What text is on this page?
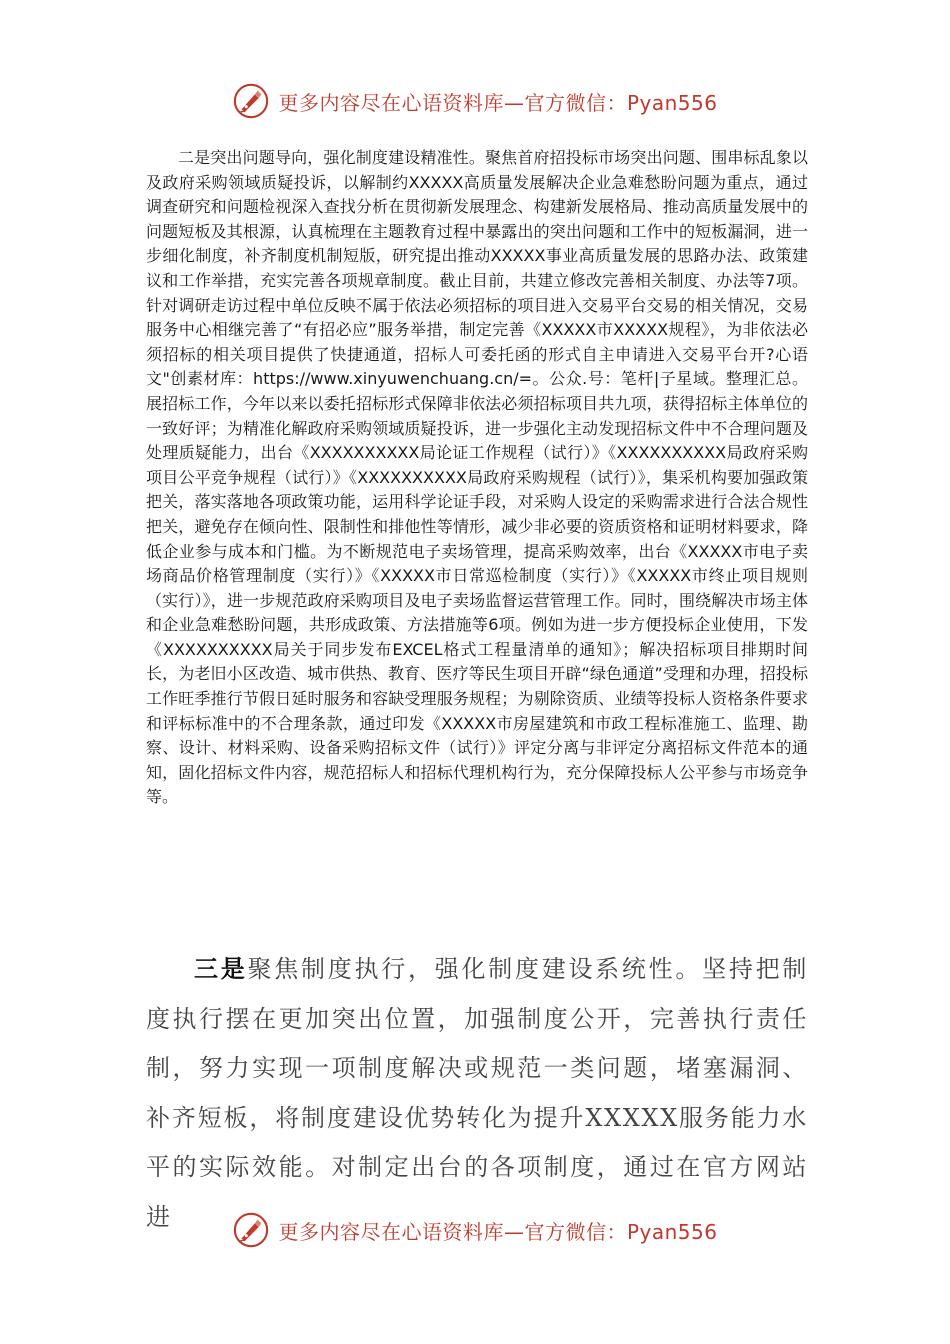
更多内容尽在心语资料库—官方微信：Pyan556

二是突出问题导向，强化制度建设精准性。聚焦首府招投标市场突出问题、围串标乱象以及政府采购领域质疑投诉，以解制约XXXXX高质量发展解决企业急难愁盼问题为重点，通过调查研究和问题检视深入查找分析在贯彻新发展理念、构建新发展格局、推动高质量发展中的问题短板及其根源，认真梳理在主题教育过程中暴露出的突出问题和工作中的短板漏洞，进一步细化制度，补齐制度机制短版，研究提出推动XXXXX事业高质量发展的思路办法、政策建议和工作举措，充实完善各项规章制度。截止目前，共建立修改完善相关制度、办法等7项。针对调研走访过程中单位反映不属于依法必须招标的项目进入交易平台交易的相关情况，交易服务中心相继完善了“有招必应”服务举措，制定完善《XXXXX市XXXXX规程》，为非依法必须招标的相关项目提供了快捷通道，招标人可委托函的形式自主申请进入交易平台开?心语文"创素材库：https://www.xinyuwenchuang.cn/=。公众.号：笔杆|子星域。整理汇总。展招标工作，今年以来以委托招标形式保障非依法必须招标项目共九项，获得招标主体单位的一致好评；为精准化解政府采购领域质疑投诉，进一步强化主动发现招标文件中不合理问题及处理质疑能力，出台《XXXXXXXXXX局论证工作规程（试行）》《XXXXXXXXXX局政府采购项目公平竞争规程（试行）》《XXXXXXXXXX局政府采购规程（试行）》，集采机构要加强政策把关，落实落地各项政策功能，运用科学论证手段，对采购人设定的采购需求进行合法合规性把关，避免存在倾向性、限制性和排他性等情形，减少非必要的资质资格和证明材料要求，降低企业参与成本和门槛。为不断规范电子卖场管理，提高采购效率，出台《XXXXX市电子卖场商品价格管理制度（实行）》《XXXXX市日常巡检制度（实行）》《XXXXX市终止项目规则（实行）》，进一步规范政府采购项目及电子卖场监督运营管理工作。同时，围绕解决市场主体和企业急难愁盼问题，共形成政策、方法措施等6项。例如为进一步方便投标企业使用，下发《XXXXXXXXXX局关于同步发布EXCEL格式工程量清单的通知》；解决招标项目排期时间长，为老旧小区改造、城市供热、教育、医疗等民生项目开辟“绿色通道”受理和办理，招投标工作旺季推行节假日延时服务和容缺受理服务规程；为剔除资质、业绩等投标人资格条件要求和评标标准中的不合理条款，通过印发《XXXXX市房屋建筑和市政工程标准施工、监理、勘察、设计、材料采购、设备采购招标文件（试行）》评定分离与非评定分离招标文件范本的通知，固化招标文件内容，规范招标人和招标代理机构行为，充分保障投标人公平参与市场竞争等。

三是聚焦制度执行，强化制度建设系统性。坚持把制度执行摆在更加突出位置，加强制度公开，完善执行责任制，努力实现一项制度解决或规范一类问题，堵塞漏洞、补齐短板，将制度建设优势转化为提升XXXXX服务能力水平的实际效能。对制定出台的各项制度，通过在官方网站进

更多内容尽在心语资料库—官方微信：Pyan556
